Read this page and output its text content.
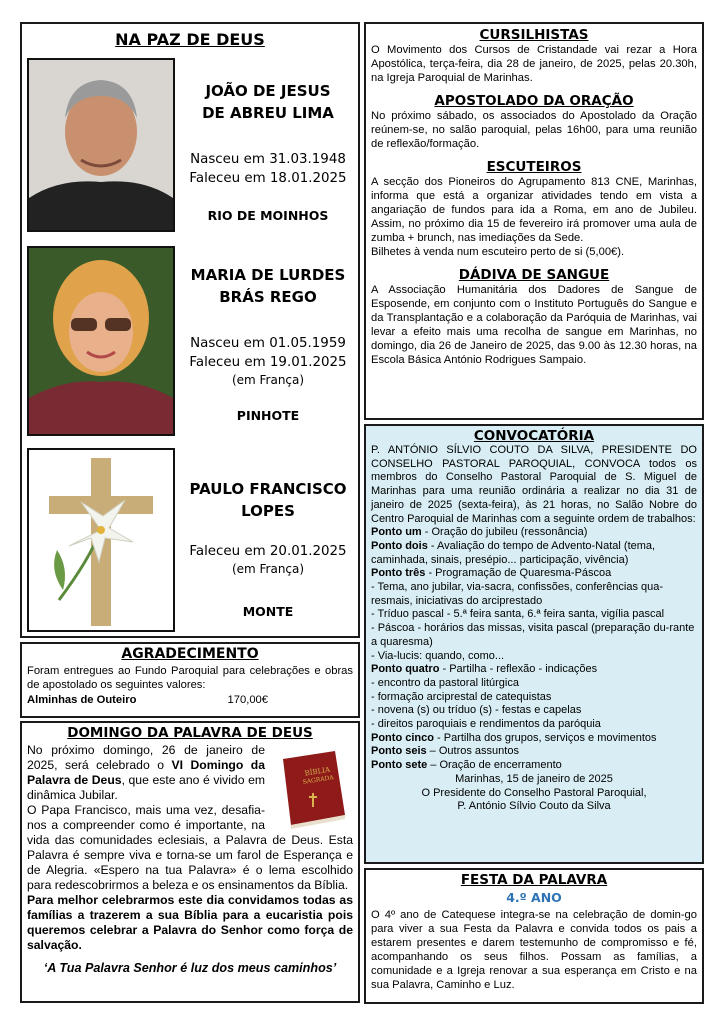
NA PAZ DE DEUS
JOÃO DE JESUS
DE ABREU LIMA
Nasceu em 31.03.1948
Faleceu em 18.01.2025
RIO DE MOINHOS
MARIA DE LURDES
BRÁS REGO
Nasceu em 01.05.1959
Faleceu em 19.01.2025
(em França)
PINHOTE
PAULO FRANCISCO
LOPES
Faleceu em 20.01.2025
(em França)
MONTE
AGRADECIMENTO
Foram entregues ao Fundo Paroquial para celebrações e obras de apostolado os seguintes valores:
Alminhas de Outeiro	170,00€
DOMINGO DA PALAVRA DE DEUS
BÍBLIA
SAGRADA
No próximo domingo, 26 de janeiro de 2025, será celebrado o VI Domingo da Palavra de Deus, que este ano é vivido em dinâmica Jubilar.
O Papa Francisco, mais uma vez, desafia-nos a compreender como é importante, na vida das comunidades eclesiais, a Palavra de Deus. Esta Palavra é sempre viva e torna-se um farol de Esperança e de Alegria. «Espero na tua Palavra» é o lema escolhido para redescobrirmos a beleza e os ensinamentos da Bíblia.
Para melhor celebrarmos este dia convidamos todas as famílias a trazerem a sua Bíblia para a eucaristia pois queremos celebrar a Palavra do Senhor como força de salvação.
‘A Tua Palavra Senhor é luz dos meus caminhos’
CURSILHISTAS
O Movimento dos Cursos de Cristandade vai rezar a Hora Apostólica, terça-feira, dia 28 de janeiro, de 2025, pelas 20.30h, na Igreja Paroquial de Marinhas.
APOSTOLADO DA ORAÇÃO
No próximo sábado, os associados do Apostolado da Oração reúnem-se, no salão paroquial, pelas 16h00, para uma reunião de reflexão/formação.
ESCUTEIROS
A secção dos Pioneiros do Agrupamento 813 CNE, Marinhas, informa que está a organizar atividades tendo em vista a angariação de fundos para ida a Roma, em ano de Jubileu. Assim, no próximo dia 15 de fevereiro irá promover uma aula de zumba + brunch, nas imediações da Sede.
Bilhetes à venda num escuteiro perto de si (5,00€).
DÁDIVA DE SANGUE
A Associação Humanitária dos Dadores de Sangue de Esposende, em conjunto com o Instituto Português do Sangue e da Transplantação e a colaboração da Paróquia de Marinhas, vai levar a efeito mais uma recolha de sangue em Marinhas, no domingo, dia 26 de Janeiro de 2025, das 9.00 às 12.30 horas, na Escola Básica António Rodrigues Sampaio.
CONVOCATÓRIA
P. ANTÓNIO SÍLVIO COUTO DA SILVA, PRESIDENTE DO CONSELHO PASTORAL PAROQUIAL, CONVOCA todos os membros do Conselho Pastoral Paroquial de S. Miguel de Marinhas para uma reunião ordinária a realizar no dia 31 de janeiro de 2025 (sexta-feira), às 21 horas, no Salão Nobre do Centro Paroquial de Marinhas com a seguinte ordem de trabalhos:
Ponto um - Oração do jubileu (ressonância)
Ponto dois - Avaliação do tempo de Advento-Natal (tema, caminhada, sinais, presépio... participação, vivência)
Ponto três - Programação de Quaresma-Páscoa
- Tema, ano jubilar, via-sacra, confissões, conferências qua-resmais, iniciativas do arciprestado
- Tríduo pascal - 5.ª feira santa, 6.ª feira santa, vigília pascal
- Páscoa - horários das missas, visita pascal (preparação du-rante a quaresma)
- Via-lucis: quando, como...
Ponto quatro - Partilha - reflexão - indicações
- encontro da pastoral litúrgica
- formação arciprestal de catequistas
- novena (s) ou tríduo (s) - festas e capelas
- direitos paroquiais e rendimentos da paróquia
Ponto cinco - Partilha dos grupos, serviços e movimentos
Ponto seis – Outros assuntos
Ponto sete – Oração de encerramento
Marinhas, 15 de janeiro de 2025
O Presidente do Conselho Pastoral Paroquial,
P. António Sílvio Couto da Silva
FESTA DA PALAVRA
4.º ANO
O 4º ano de Catequese integra-se na celebração de domin-go para viver a sua Festa da Palavra e convida todos os pais a estarem presentes e darem testemunho de compromisso e fé, acompanhando os seus filhos. Possam as famílias, a comunidade e a Igreja renovar a sua esperança em Cristo e na sua Palavra, Caminho e Luz.
